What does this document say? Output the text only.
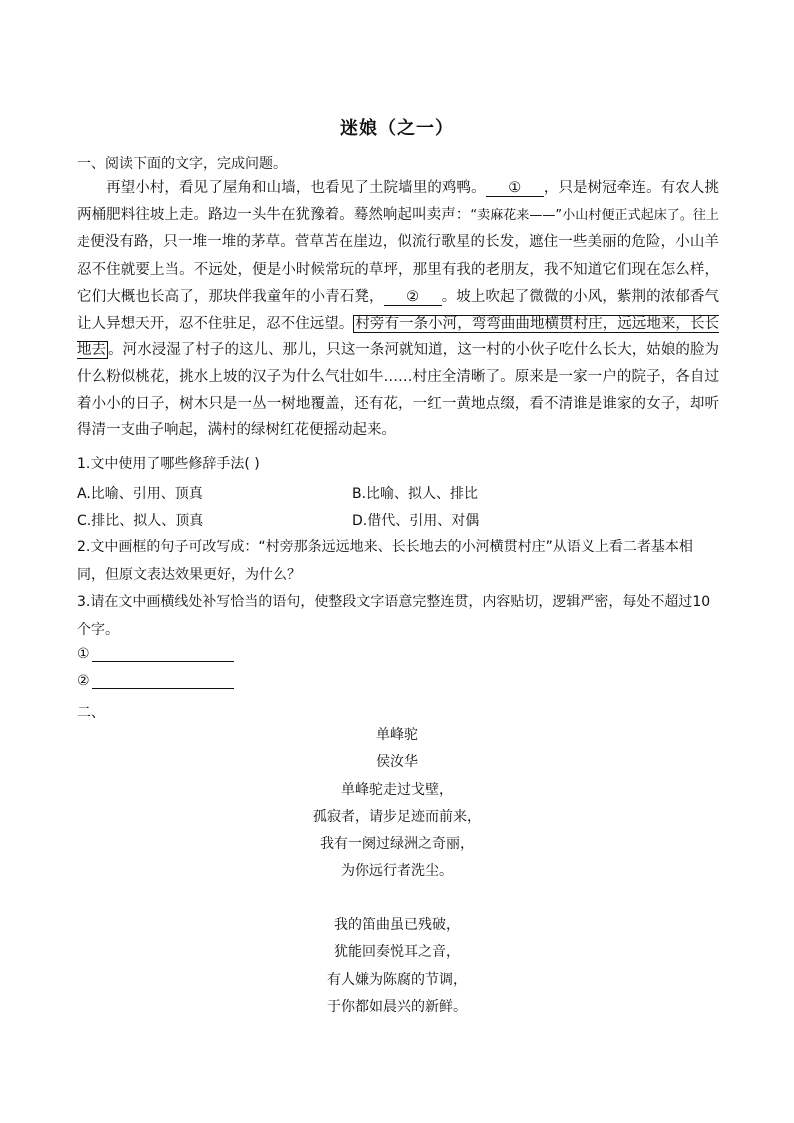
迷娘（之一）
一、阅读下面的文字，完成问题。
再望小村，看见了屋角和山墙，也看见了土院墙里的鸡鸭。 ① ，只是树冠牵连。有农人挑两桶肥料往坡上走。路边一头牛在犹豫着。蓦然响起叫卖声：“卖麻花来——”小山村便正式起床了。往上走便没有路，只一堆一堆的茅草。菅草苫在崖边，似流行歌星的长发，遮住一些美丽的危险，小山羊忍不住就要上当。不远处，便是小时候常玩的草坪，那里有我的老朋友，我不知道它们现在怎么样，它们大概也长高了，那块伴我童年的小青石凳， ② 。坡上吹起了微微的小风，紫荆的浓郁香气让人异想天开，忍不住驻足，忍不住远望。 村旁有一条小河，弯弯曲曲地横贯村庄，远远地来，长长地去 。河水浸湿了村子的这儿、那儿，只这一条河就知道，这一村的小伙子吃什么长大，姑娘的脸为什么粉似桃花，挑水上坡的汉子为什么气壮如牛……村庄全清晰了。原来是一家一户的院子，各自过着小小的日子，树木只是一丛一树地覆盖，还有花，一红一黄地点缀，看不清谁是谁家的女子，却听得清一支曲子响起，满村的绿树红花便摇动起来。
1.文中使用了哪些修辞手法( )
A.比喻、引用、顶真	B.比喻、拟人、排比
C.排比、拟人、顶真	D.借代、引用、对偶
2.文中画框的句子可改写成：“村旁那条远远地来、长长地去的小河横贯村庄”从语义上看二者基本相同，但原文表达效果更好，为什么？
3.请在文中画横线处补写恰当的语句，使整段文字语意完整连贯，内容贴切，逻辑严密，每处不超过10个字。
①
②
二、
单峰驼
侯汝华
单峰驼走过戈壁，
孤寂者，请步足迹而前来，
我有一阕过绿洲之奇丽，
为你远行者洗尘。
我的笛曲虽已残破，
犹能回奏悦耳之音，
有人嫌为陈腐的节调，
于你都如晨兴的新鲜。
